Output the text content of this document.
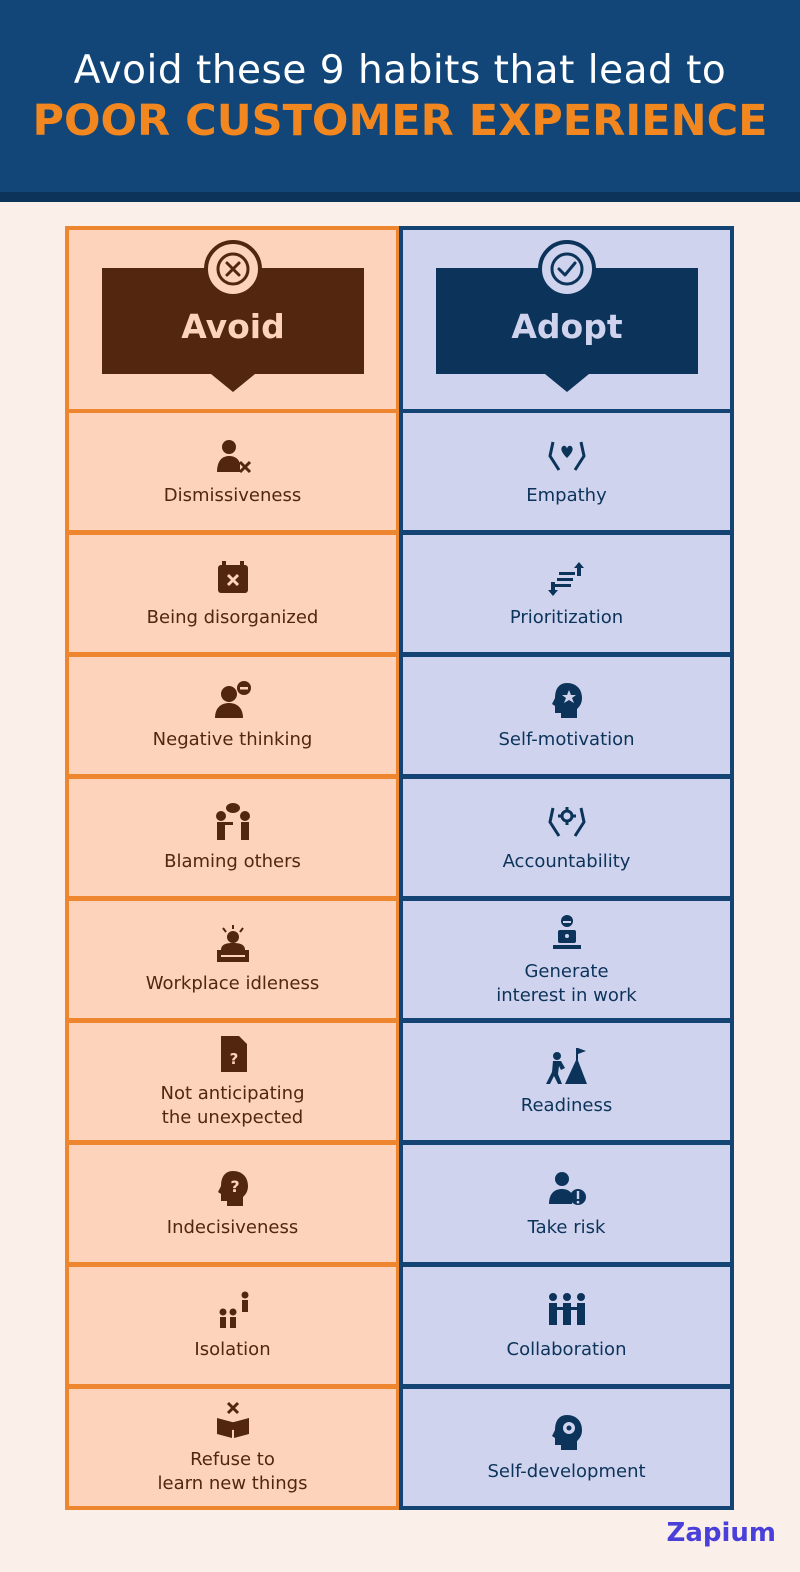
Avoid these 9 habits that lead to
POOR CUSTOMER EXPERIENCE
Avoid
Dismissiveness
Being disorganized
Negative thinking
Blaming others
Workplace idleness
?
Not anticipating
the unexpected
?
Indecisiveness
Isolation
Refuse to
learn new things
Adopt
Empathy
Prioritization
Self-motivation
Accountability
Generate
interest in work
Readiness
Take risk
Collaboration
Self-development
Zapium
